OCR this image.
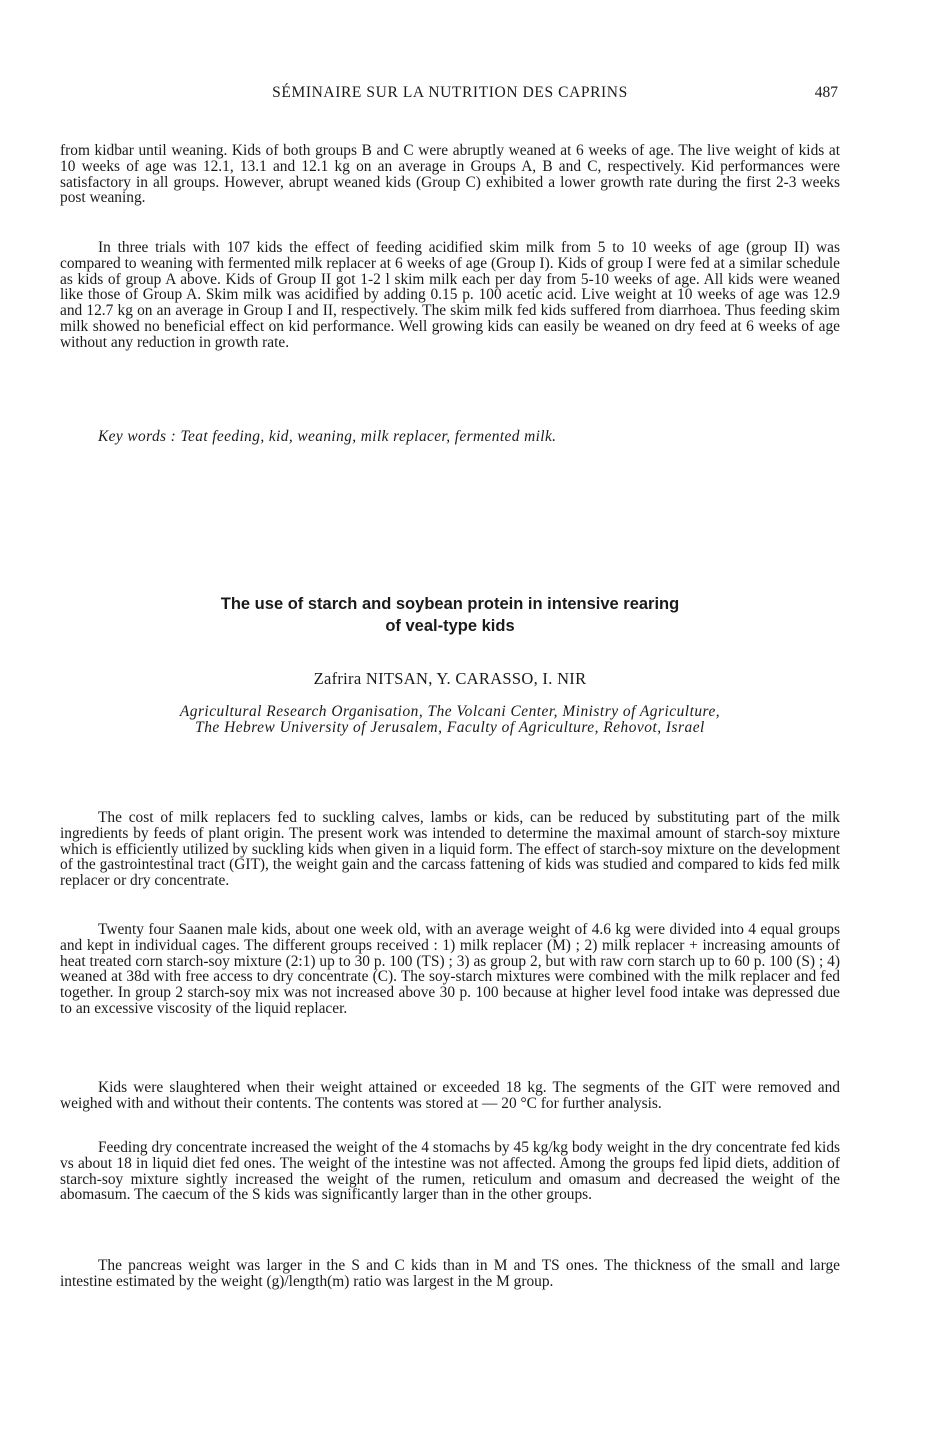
SÉMINAIRE SUR LA NUTRITION DES CAPRINS	487

from kidbar until weaning. Kids of both groups B and C were abruptly weaned at 6 weeks of age. The live weight of kids at 10 weeks of age was 12.1, 13.1 and 12.1 kg on an average in Groups A, B and C, respectively. Kid performances were satisfactory in all groups. However, abrupt weaned kids (Group C) exhibited a lower growth rate during the first 2-3 weeks post weaning.

In three trials with 107 kids the effect of feeding acidified skim milk from 5 to 10 weeks of age (group II) was compared to weaning with fermented milk replacer at 6 weeks of age (Group I). Kids of group I were fed at a similar schedule as kids of group A above. Kids of Group II got 1-2 l skim milk each per day from 5-10 weeks of age. All kids were weaned like those of Group A. Skim milk was acidified by adding 0.15 p. 100 acetic acid. Live weight at 10 weeks of age was 12.9 and 12.7 kg on an average in Group I and II, respectively. The skim milk fed kids suffered from diarrhoea. Thus feeding skim milk showed no beneficial effect on kid performance. Well growing kids can easily be weaned on dry feed at 6 weeks of age without any reduction in growth rate.

Key words : Teat feeding, kid, weaning, milk replacer, fermented milk.
The use of starch and soybean protein in intensive rearing
of veal-type kids
Zafrira NITSAN, Y. CARASSO, I. NIR
Agricultural Research Organisation, The Volcani Center, Ministry of Agriculture,
The Hebrew University of Jerusalem, Faculty of Agriculture, Rehovot, Israel

The cost of milk replacers fed to suckling calves, lambs or kids, can be reduced by substituting part of the milk ingredients by feeds of plant origin. The present work was intended to determine the maximal amount of starch-soy mixture which is efficiently utilized by suckling kids when given in a liquid form. The effect of starch-soy mixture on the development of the gastrointestinal tract (GIT), the weight gain and the carcass fattening of kids was studied and compared to kids fed milk replacer or dry concentrate.

Twenty four Saanen male kids, about one week old, with an average weight of 4.6 kg were divided into 4 equal groups and kept in individual cages. The different groups received : 1) milk replacer (M) ; 2) milk replacer + increasing amounts of heat treated corn starch-soy mixture (2:1) up to 30 p. 100 (TS) ; 3) as group 2, but with raw corn starch up to 60 p. 100 (S) ; 4) weaned at 38d with free access to dry concentrate (C). The soy-starch mixtures were combined with the milk replacer and fed together. In group 2 starch-soy mix was not increased above 30 p. 100 because at higher level food intake was depressed due to an excessive viscosity of the liquid replacer.

Kids were slaughtered when their weight attained or exceeded 18 kg. The segments of the GIT were removed and weighed with and without their contents. The contents was stored at — 20 °C for further analysis.

Feeding dry concentrate increased the weight of the 4 stomachs by 45 kg/kg body weight in the dry concentrate fed kids vs about 18 in liquid diet fed ones. The weight of the intestine was not affected. Among the groups fed lipid diets, addition of starch-soy mixture sightly increased the weight of the rumen, reticulum and omasum and decreased the weight of the abomasum. The caecum of the S kids was significantly larger than in the other groups.

The pancreas weight was larger in the S and C kids than in M and TS ones. The thickness of the small and large intestine estimated by the weight (g)/length(m) ratio was largest in the M group.
